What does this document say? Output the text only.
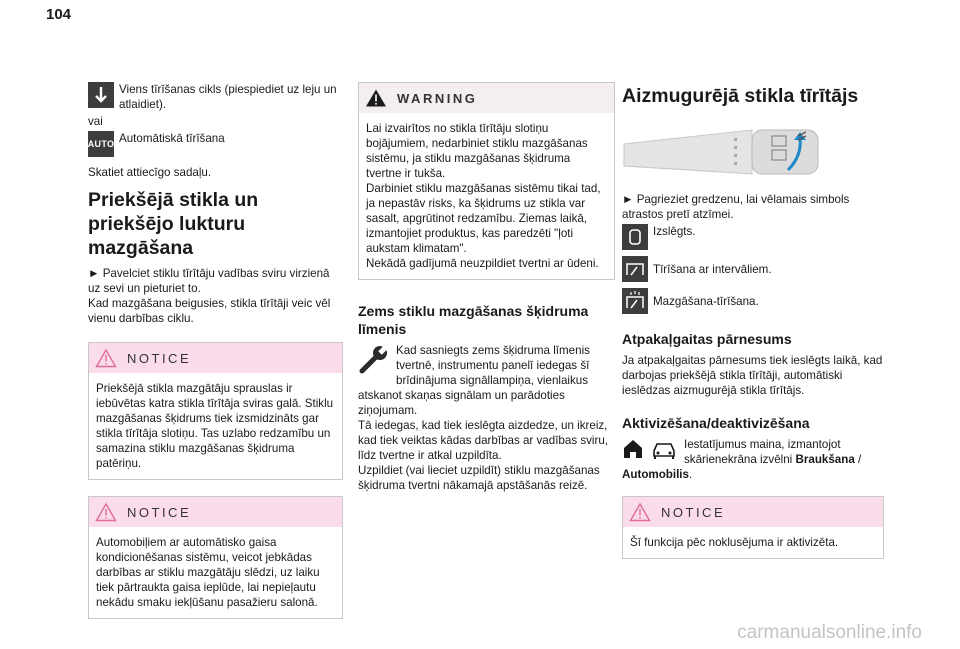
104

Viens tīrīšanas cikls (piespiediet uz leju un atlaidiet).

vai

AUTO Automātiskā tīrīšana

Skatiet attiecīgo sadaļu.

Priekšējā stikla un priekšējo lukturu mazgāšana

► Pavelciet stiklu tīrītāju vadības sviru virzienā uz sevi un pieturiet to.

Kad mazgāšana beigusies, stikla tīrītāji veic vēl vienu darbības ciklu.

NOTICE

Priekšējā stikla mazgātāju sprauslas ir iebūvētas katra stikla tīrītāja sviras galā. Stiklu mazgāšanas šķidrums tiek izsmidzināts gar stikla tīrītāja slotiņu. Tas uzlabo redzamību un samazina stiklu mazgāšanas šķidruma patēriņu.

NOTICE

Automobiļiem ar automātisko gaisa kondicionēšanas sistēmu, veicot jebkādas darbības ar stiklu mazgātāju slēdzi, uz laiku tiek pārtraukta gaisa ieplūde, lai nepieļautu nekādu smaku iekļūšanu pasažieru salonā.

WARNING

Lai izvairītos no stikla tīrītāju slotiņu bojājumiem, nedarbiniet stiklu mazgāšanas sistēmu, ja stiklu mazgāšanas šķidruma tvertne ir tukša.

Darbiniet stiklu mazgāšanas sistēmu tikai tad, ja nepastāv risks, ka šķidrums uz stikla var sasalt, apgrūtinot redzamību. Ziemas laikā, izmantojiet produktus, kas paredzēti "ļoti aukstam klimatam".

Nekādā gadījumā neuzpildiet tvertni ar ūdeni.

Zems stiklu mazgāšanas šķidruma līmenis

Kad sasniegts zems šķidruma līmenis tvertnē, instrumentu panelī iedegas šī brīdinājuma signāllampiņa, vienlaikus atskanot skaņas signālam un parādoties ziņojumam.

Tā iedegas, kad tiek ieslēgta aizdedze, un ikreiz, kad tiek veiktas kādas darbības ar vadības sviru, līdz tvertne ir atkal uzpildīta.

Uzpildiet (vai lieciet uzpildīt) stiklu mazgāšanas šķidruma tvertni nākamajā apstāšanās reizē.

Aizmugurējā stikla tīrītājs

► Pagrieziet gredzenu, lai vēlamais simbols atrastos pretī atzīmei.

Izslēgts.

Tīrīšana ar intervāliem.

Mazgāšana-tīrīšana.

Atpakaļgaitas pārnesums

Ja atpakaļgaitas pārnesums tiek ieslēgts laikā, kad darbojas priekšējā stikla tīrītāji, automātiski ieslēdzas aizmugurējā stikla tīrītājs.

Aktivizēšana/deaktivizēšana

Iestatījumus maina, izmantojot skārienekrāna izvēlni Braukšana / Automobilis.

NOTICE

Šī funkcija pēc noklusējuma ir aktivizēta.

carmanualsonline.info
